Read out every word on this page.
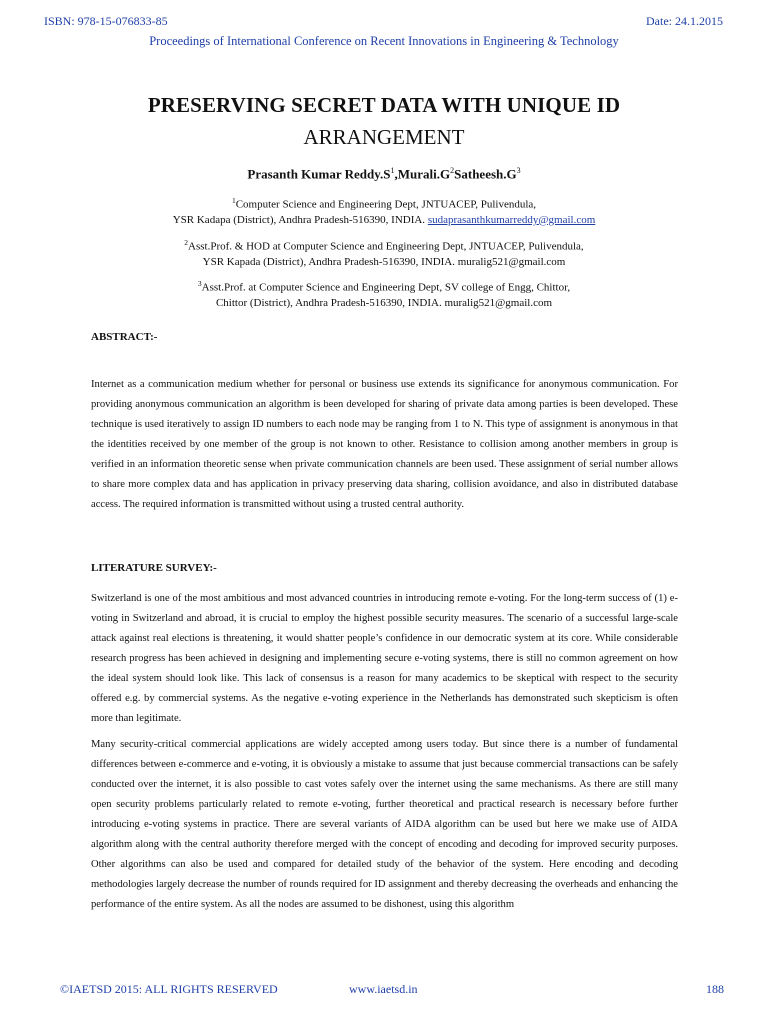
ISBN: 978-15-076833-85	Date: 24.1.2015
Proceedings of International Conference on Recent Innovations in Engineering & Technology
PRESERVING SECRET DATA WITH UNIQUE ID
ARRANGEMENT
Prasanth Kumar $Reddy.S^1,Murali.G^2Satheesh.G^3$
$^1$Computer Science and Engineering Dept, JNTUACEP, Pulivendula,
YSR Kadapa (District), Andhra Pradesh-516390, INDIA. sudaprasanthkumarreddy@gmail.com
$^2$Asst.Prof. & HOD at Computer Science and Engineering Dept, JNTUACEP, Pulivendula,
YSR Kapada (District), Andhra Pradesh-516390, INDIA. muralig521@gmail.com
$^3$Asst.Prof. at Computer Science and Engineering Dept, SV college of Engg, Chittor,
Chittor (District), Andhra Pradesh-516390, INDIA. muralig521@gmail.com
ABSTRACT:-

Internet as a communication medium whether for personal or business use extends its significance for anonymous communication. For providing anonymous communication an algorithm is been developed for sharing of private data among parties is been developed. These technique is used iteratively to assign ID numbers to each node may be ranging from 1 to N. This type of assignment is anonymous in that the identities received by one member of the group is not known to other. Resistance to collision among another members in group is verified in an information theoretic sense when private communication channels are been used. These assignment of serial number allows to share more complex data and has application in privacy preserving data sharing, collision avoidance, and also in distributed database access. The required information is transmitted without using a trusted central authority.

LITERATURE SURVEY:-

Switzerland is one of the most ambitious and most advanced countries in introducing remote e-voting. For the long-term success of (1) e-voting in Switzerland and abroad, it is crucial to employ the highest possible security measures. The scenario of a successful large-scale attack against real elections is threatening, it would shatter people’s confidence in our democratic system at its core. While considerable research progress has been achieved in designing and implementing secure e-voting systems, there is still no common agreement on how the ideal system should look like. This lack of consensus is a reason for many academics to be skeptical with respect to the security offered e.g. by commercial systems. As the negative e-voting experience in the Netherlands has demonstrated such skepticism is often more than legitimate.

Many security-critical commercial applications are widely accepted among users today. But since there is a number of fundamental differences between e-commerce and e-voting, it is obviously a mistake to assume that just because commercial transactions can be safely conducted over the internet, it is also possible to cast votes safely over the internet using the same mechanisms. As there are still many open security problems particularly related to remote e-voting, further theoretical and practical research is necessary before further introducing e-voting systems in practice. There are several variants of AIDA algorithm can be used but here we make use of AIDA algorithm along with the central authority therefore merged with the concept of encoding and decoding for improved security purposes. Other algorithms can also be used and compared for detailed study of the behavior of the system. Here encoding and decoding methodologies largely decrease the number of rounds required for ID assignment and thereby decreasing the overheads and enhancing the performance of the entire system. As all the nodes are assumed to be dishonest, using this algorithm

©IAETSD 2015: ALL RIGHTS RESERVED	www.iaetsd.in	188
